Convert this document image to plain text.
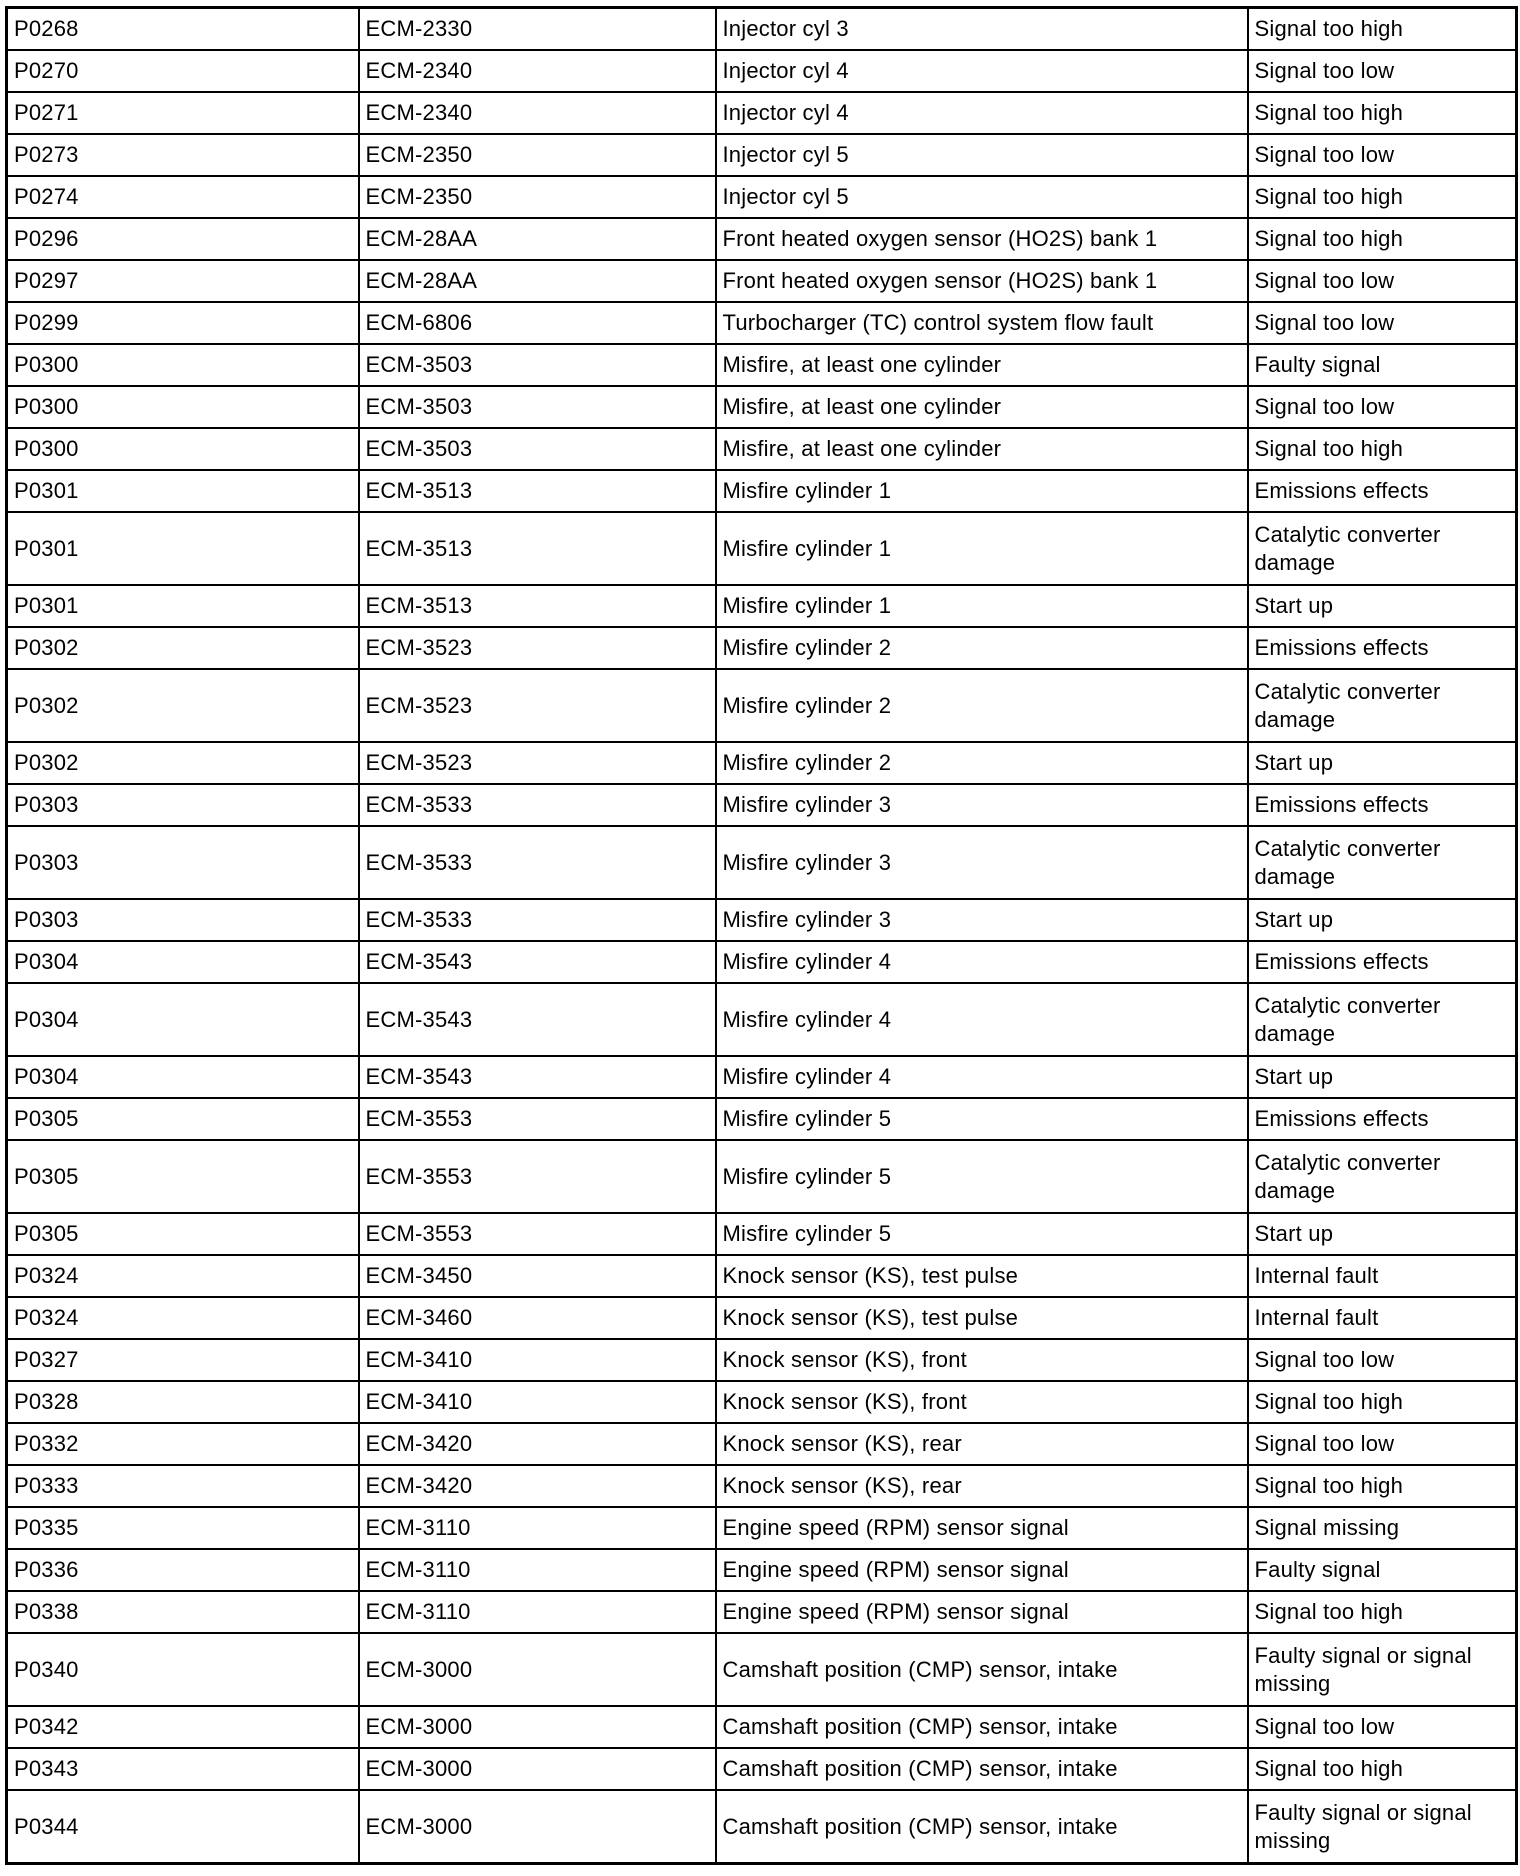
P0268	ECM-2330	Injector cyl 3	Signal too high
P0270	ECM-2340	Injector cyl 4	Signal too low
P0271	ECM-2340	Injector cyl 4	Signal too high
P0273	ECM-2350	Injector cyl 5	Signal too low
P0274	ECM-2350	Injector cyl 5	Signal too high
P0296	ECM-28AA	Front heated oxygen sensor (HO2S) bank 1	Signal too high
P0297	ECM-28AA	Front heated oxygen sensor (HO2S) bank 1	Signal too low
P0299	ECM-6806	Turbocharger (TC) control system flow fault	Signal too low
P0300	ECM-3503	Misfire, at least one cylinder	Faulty signal
P0300	ECM-3503	Misfire, at least one cylinder	Signal too low
P0300	ECM-3503	Misfire, at least one cylinder	Signal too high
P0301	ECM-3513	Misfire cylinder 1	Emissions effects
P0301	ECM-3513	Misfire cylinder 1	Catalytic converter damage
P0301	ECM-3513	Misfire cylinder 1	Start up
P0302	ECM-3523	Misfire cylinder 2	Emissions effects
P0302	ECM-3523	Misfire cylinder 2	Catalytic converter damage
P0302	ECM-3523	Misfire cylinder 2	Start up
P0303	ECM-3533	Misfire cylinder 3	Emissions effects
P0303	ECM-3533	Misfire cylinder 3	Catalytic converter damage
P0303	ECM-3533	Misfire cylinder 3	Start up
P0304	ECM-3543	Misfire cylinder 4	Emissions effects
P0304	ECM-3543	Misfire cylinder 4	Catalytic converter damage
P0304	ECM-3543	Misfire cylinder 4	Start up
P0305	ECM-3553	Misfire cylinder 5	Emissions effects
P0305	ECM-3553	Misfire cylinder 5	Catalytic converter damage
P0305	ECM-3553	Misfire cylinder 5	Start up
P0324	ECM-3450	Knock sensor (KS), test pulse	Internal fault
P0324	ECM-3460	Knock sensor (KS), test pulse	Internal fault
P0327	ECM-3410	Knock sensor (KS), front	Signal too low
P0328	ECM-3410	Knock sensor (KS), front	Signal too high
P0332	ECM-3420	Knock sensor (KS), rear	Signal too low
P0333	ECM-3420	Knock sensor (KS), rear	Signal too high
P0335	ECM-3110	Engine speed (RPM) sensor signal	Signal missing
P0336	ECM-3110	Engine speed (RPM) sensor signal	Faulty signal
P0338	ECM-3110	Engine speed (RPM) sensor signal	Signal too high
P0340	ECM-3000	Camshaft position (CMP) sensor, intake	Faulty signal or signal missing
P0342	ECM-3000	Camshaft position (CMP) sensor, intake	Signal too low
P0343	ECM-3000	Camshaft position (CMP) sensor, intake	Signal too high
P0344	ECM-3000	Camshaft position (CMP) sensor, intake	Faulty signal or signal missing
